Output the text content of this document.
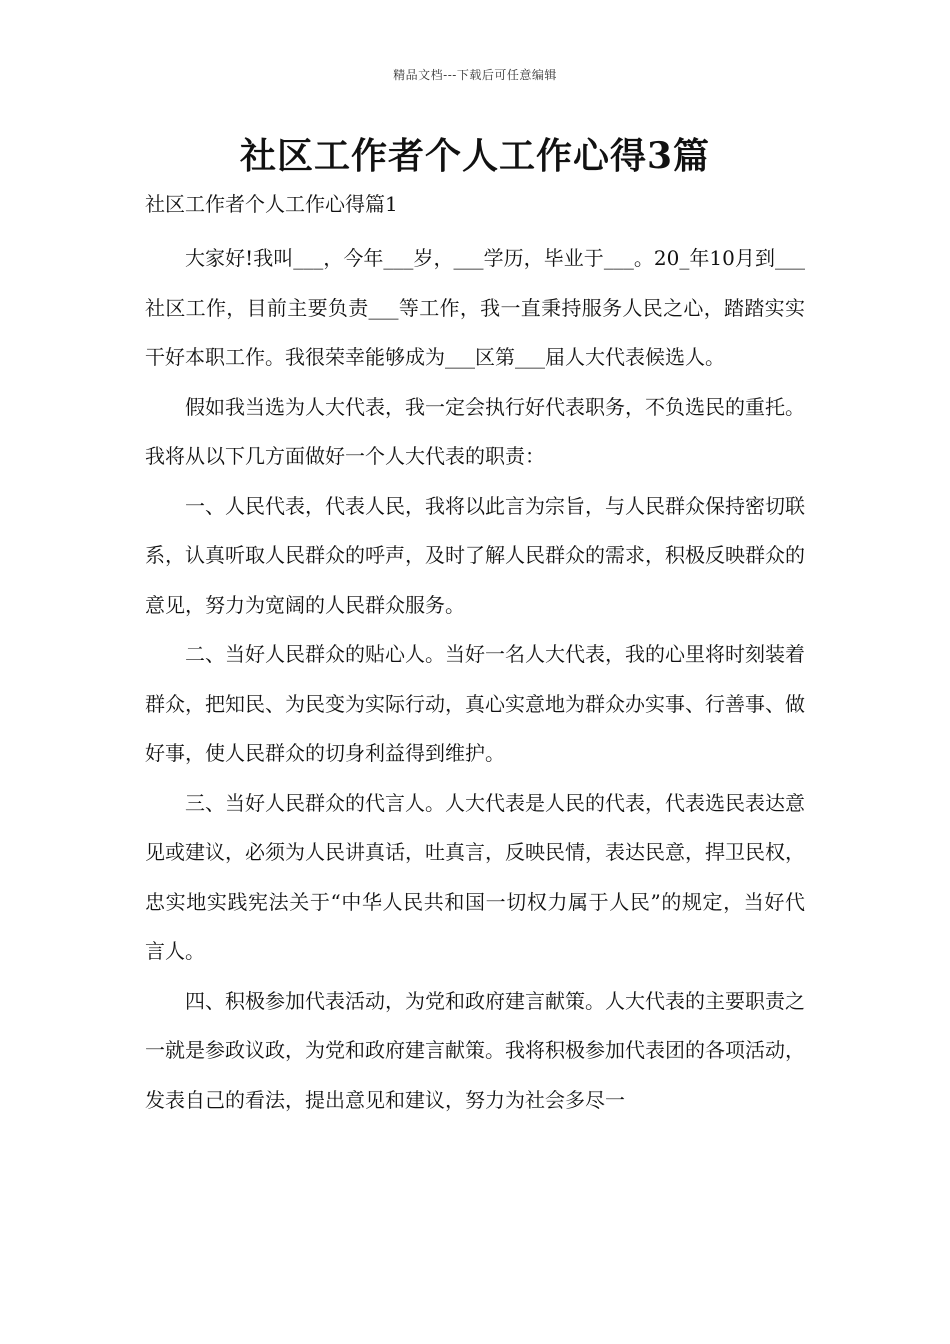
精品文档---下载后可任意编辑
社区工作者个人工作心得3篇
社区工作者个人工作心得篇1

大家好!我叫___，今年___岁，___学历，毕业于___。20_年10月到___社区工作，目前主要负责___等工作，我一直秉持服务人民之心，踏踏实实干好本职工作。我很荣幸能够成为___区第___届人大代表候选人。

假如我当选为人大代表，我一定会执行好代表职务，不负选民的重托。我将从以下几方面做好一个人大代表的职责：

一、人民代表，代表人民，我将以此言为宗旨，与人民群众保持密切联系，认真听取人民群众的呼声，及时了解人民群众的需求，积极反映群众的意见，努力为宽阔的人民群众服务。

二、当好人民群众的贴心人。当好一名人大代表，我的心里将时刻装着群众，把知民、为民变为实际行动，真心实意地为群众办实事、行善事、做好事，使人民群众的切身利益得到维护。

三、当好人民群众的代言人。人大代表是人民的代表，代表选民表达意见或建议，必须为人民讲真话，吐真言，反映民情，表达民意，捍卫民权，忠实地实践宪法关于“中华人民共和国一切权力属于人民”的规定，当好代言人。

四、积极参加代表活动，为党和政府建言献策。人大代表的主要职责之一就是参政议政，为党和政府建言献策。我将积极参加代表团的各项活动，发表自己的看法，提出意见和建议，努力为社会多尽一
